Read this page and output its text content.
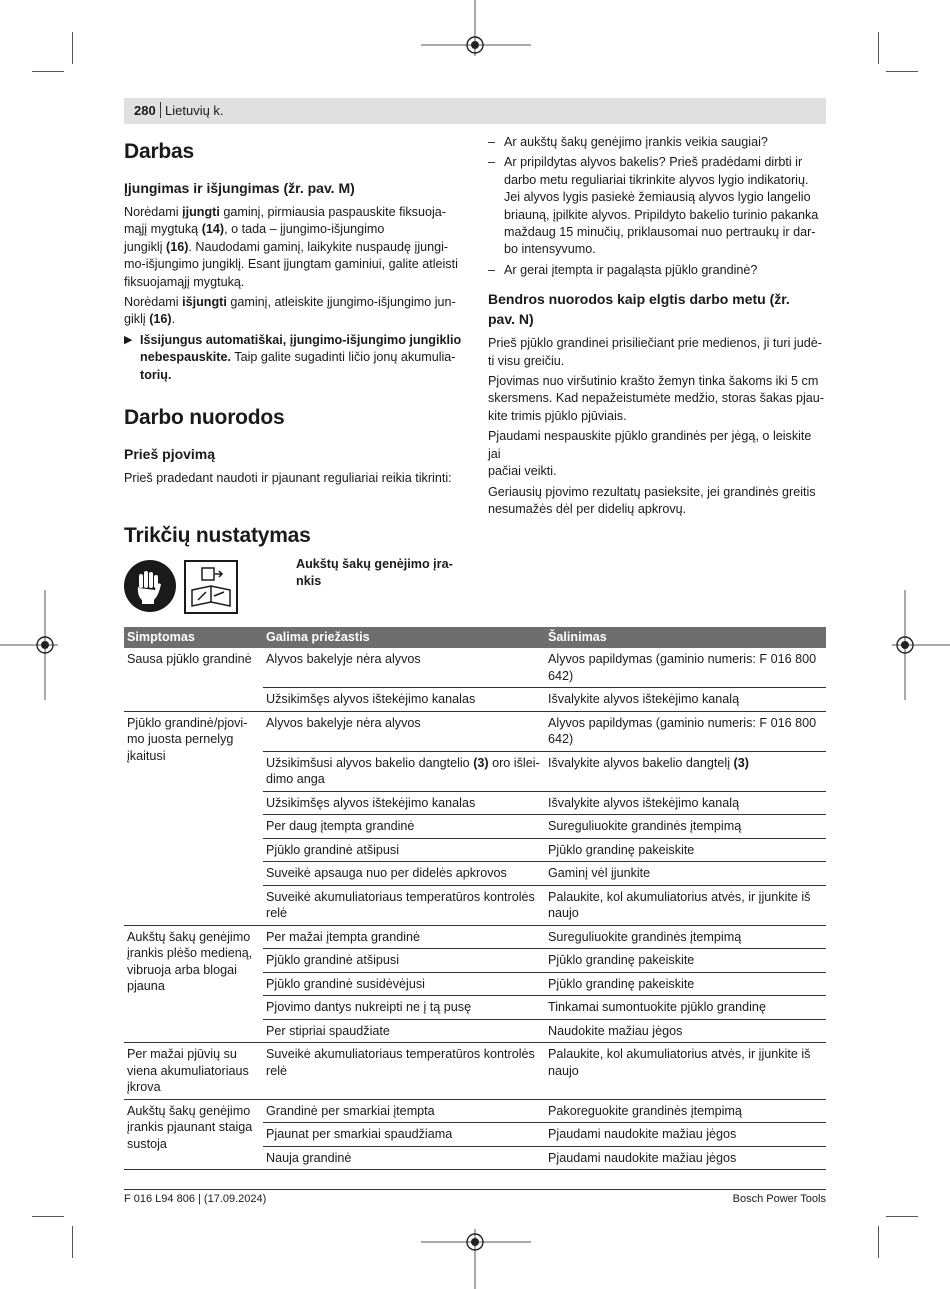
280 Lietuvių k.
Darbas
Įjungimas ir išjungimas (žr. pav. M)

Norėdami įjungti gaminį, pirmiausia paspauskite fiksuoja-
mąjį mygtuką (14), o tada – įjungimo-išjungimo
jungiklį (16). Naudodami gaminį, laikykite nuspaudę įjungi-
mo-išjungimo jungiklį. Esant įjungtam gaminiui, galite atleisti
fiksuojamąjį mygtuką.

Norėdami išjungti gaminį, atleiskite įjungimo-išjungimo jun-
giklį (16).

▶ Išsijungus automatiškai, įjungimo-išjungimo jungiklio
nebespauskite. Taip galite sugadinti ličio jonų akumulia-
torių.
Darbo nuorodos
Prieš pjovimą

Prieš pradedant naudoti ir pjaunant reguliariai reikia tikrinti:

– Ar aukštų šakų genėjimo įrankis veikia saugiai?
– Ar pripildytas alyvos bakelis? Prieš pradėdami dirbti ir
darbo metu reguliariai tikrinkite alyvos lygio indikatorių.
Jei alyvos lygis pasiekė žemiausią alyvos lygio langelio
briauną, įpilkite alyvos. Pripildyto bakelio turinio pakanka
maždaug 15 minučių, priklausomai nuo pertraukų ir dar-
bo intensyvumo.
– Ar gerai įtempta ir pagaląsta pjūklo grandinė?
Bendros nuorodos kaip elgtis darbo metu (žr.
pav. N)

Prieš pjūklo grandinei prisiliečiant prie medienos, ji turi judė-
ti visu greičiu.

Pjovimas nuo viršutinio krašto žemyn tinka šakoms iki 5 cm
skersmens. Kad nepažeistumėte medžio, storas šakas pjau-
kite trimis pjūklo pjūviais.

Pjaudami nespauskite pjūklo grandinės per jėgą, o leiskite jai
pačiai veikti.

Geriausių pjovimo rezultatų pasieksite, jei grandinės greitis
nesumažės dėl per didelių apkrovų.

Trikčių nustatymas
Aukštų šakų genėjimo įra-
nkis
Simptomas	Galima priežastis	Šalinimas

Sausa pjūklo grandinė	Alyvos bakelyje nėra alyvos	Alyvos papildymas (gaminio numeris: F 016 800
642)

	Užsikimšęs alyvos ištekėjimo kanalas	Išvalykite alyvos ištekėjimo kanalą

Pjūklo grandinė/pjovi-
mo juosta pernelyg
įkaitusi	Alyvos bakelyje nėra alyvos	Alyvos papildymas (gaminio numeris: F 016 800
642)

	Užsikimšusi alyvos bakelio dangtelio (3) oro išlei-
dimo anga	Išvalykite alyvos bakelio dangtelį (3)

	Užsikimšęs alyvos ištekėjimo kanalas	Išvalykite alyvos ištekėjimo kanalą

	Per daug įtempta grandinė	Sureguliuokite grandinės įtempimą

	Pjūklo grandinė atšipusi	Pjūklo grandinę pakeiskite

	Suveikė apsauga nuo per didelės apkrovos	Gaminį vėl įjunkite

	Suveikė akumuliatoriaus temperatūros kontrolės
relė	Palaukite, kol akumuliatorius atvės, ir įjunkite iš
naujo

Aukštų šakų genėjimo
įrankis plėšo medieną,
vibruoja arba blogai
pjauna	Per mažai įtempta grandinė	Sureguliuokite grandinės įtempimą

	Pjūklo grandinė atšipusi	Pjūklo grandinę pakeiskite

	Pjūklo grandinė susidėvėjusi	Pjūklo grandinę pakeiskite

	Pjovimo dantys nukreipti ne į tą pusę	Tinkamai sumontuokite pjūklo grandinę

	Per stipriai spaudžiate	Naudokite mažiau jėgos

Per mažai pjūvių su
viena akumuliatoriaus
įkrova	Suveikė akumuliatoriaus temperatūros kontrolės
relė	Palaukite, kol akumuliatorius atvės, ir įjunkite iš
naujo

Aukštų šakų genėjimo
įrankis pjaunant staiga
sustoja	Grandinė per smarkiai įtempta	Pakoreguokite grandinės įtempimą

	Pjaunat per smarkiai spaudžiama	Pjaudami naudokite mažiau jėgos

	Nauja grandinė	Pjaudami naudokite mažiau jėgos
F 016 L94 806 | (17.09.2024)	Bosch Power Tools
